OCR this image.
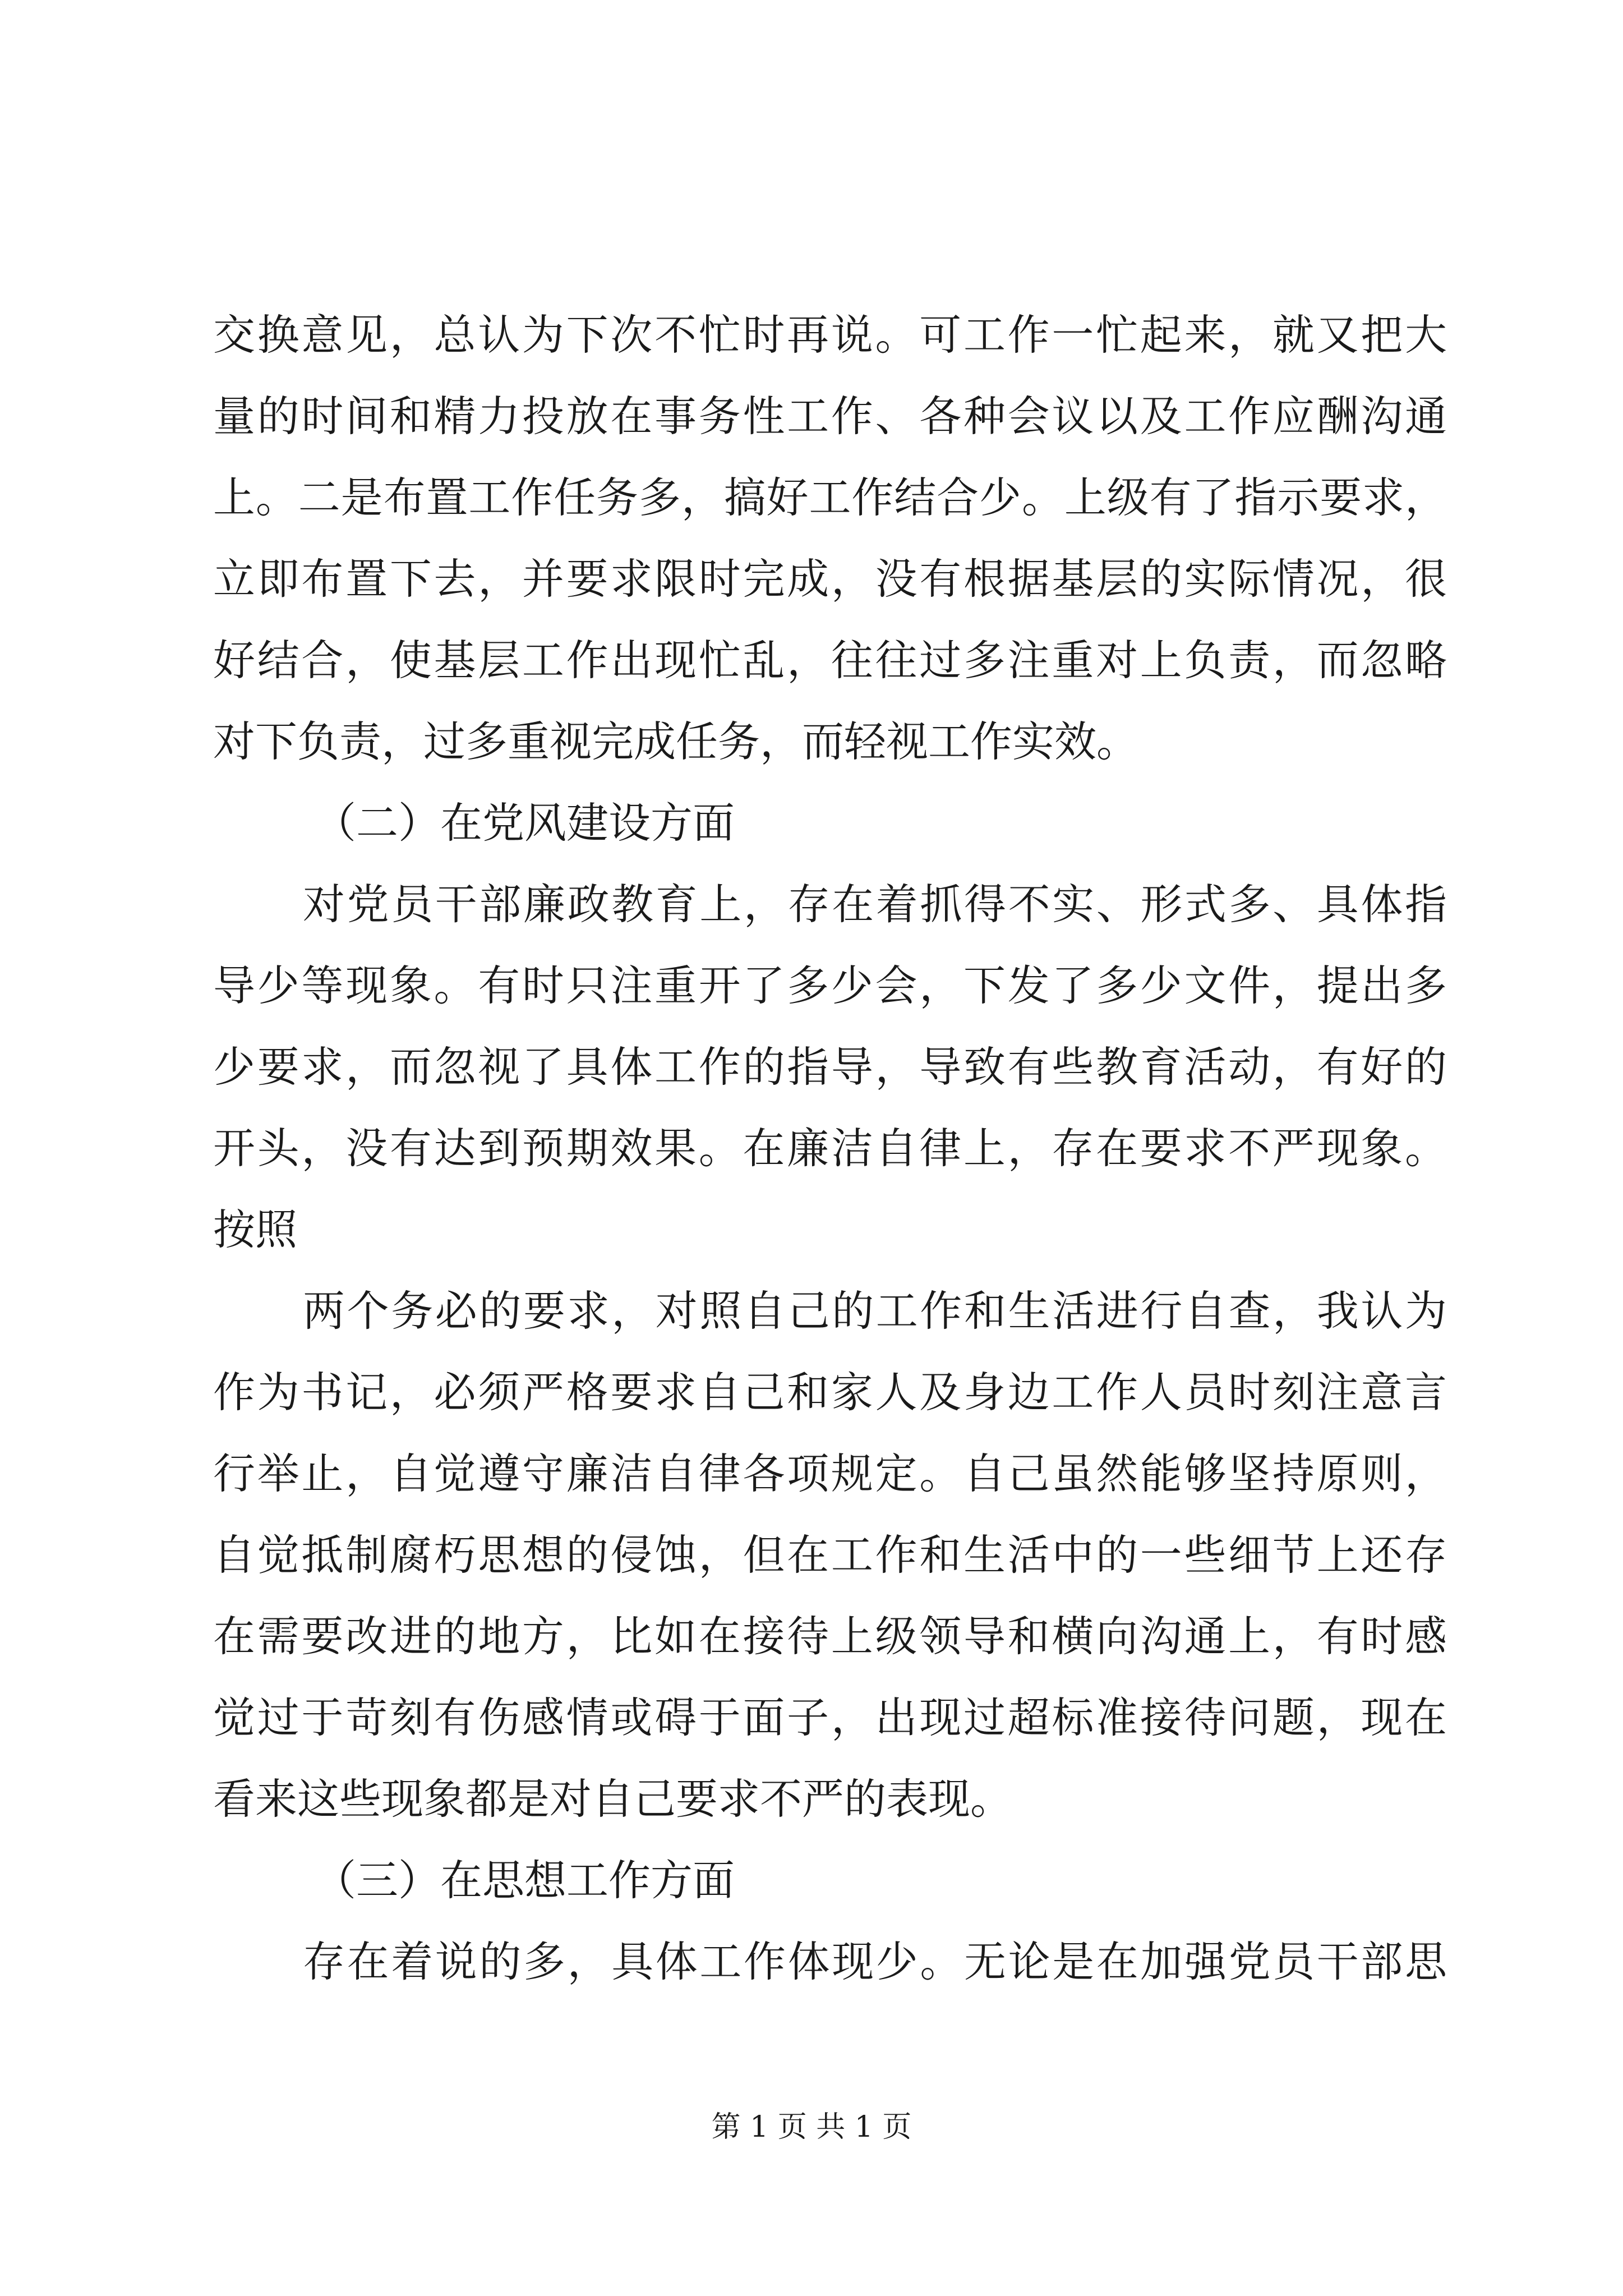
交换意见，总认为下次不忙时再说。可工作一忙起来，就又把大
量的时间和精力投放在事务性工作、各种会议以及工作应酬沟通
上。二是布置工作任务多，搞好工作结合少。上级有了指示要求，
立即布置下去，并要求限时完成，没有根据基层的实际情况，很
好结合，使基层工作出现忙乱，往往过多注重对上负责，而忽略
对下负责，过多重视完成任务，而轻视工作实效。
（二）在党风建设方面
对党员干部廉政教育上，存在着抓得不实、形式多、具体指
导少等现象。有时只注重开了多少会，下发了多少文件，提出多
少要求，而忽视了具体工作的指导，导致有些教育活动，有好的
开头，没有达到预期效果。在廉洁自律上，存在要求不严现象。
按照
两个务必的要求，对照自己的工作和生活进行自查，我认为
作为书记，必须严格要求自己和家人及身边工作人员时刻注意言
行举止，自觉遵守廉洁自律各项规定。自己虽然能够坚持原则，
自觉抵制腐朽思想的侵蚀，但在工作和生活中的一些细节上还存
在需要改进的地方，比如在接待上级领导和横向沟通上，有时感
觉过于苛刻有伤感情或碍于面子，出现过超标准接待问题，现在
看来这些现象都是对自己要求不严的表现。
（三）在思想工作方面
存在着说的多，具体工作体现少。无论是在加强党员干部思
第 1 页 共 1 页
